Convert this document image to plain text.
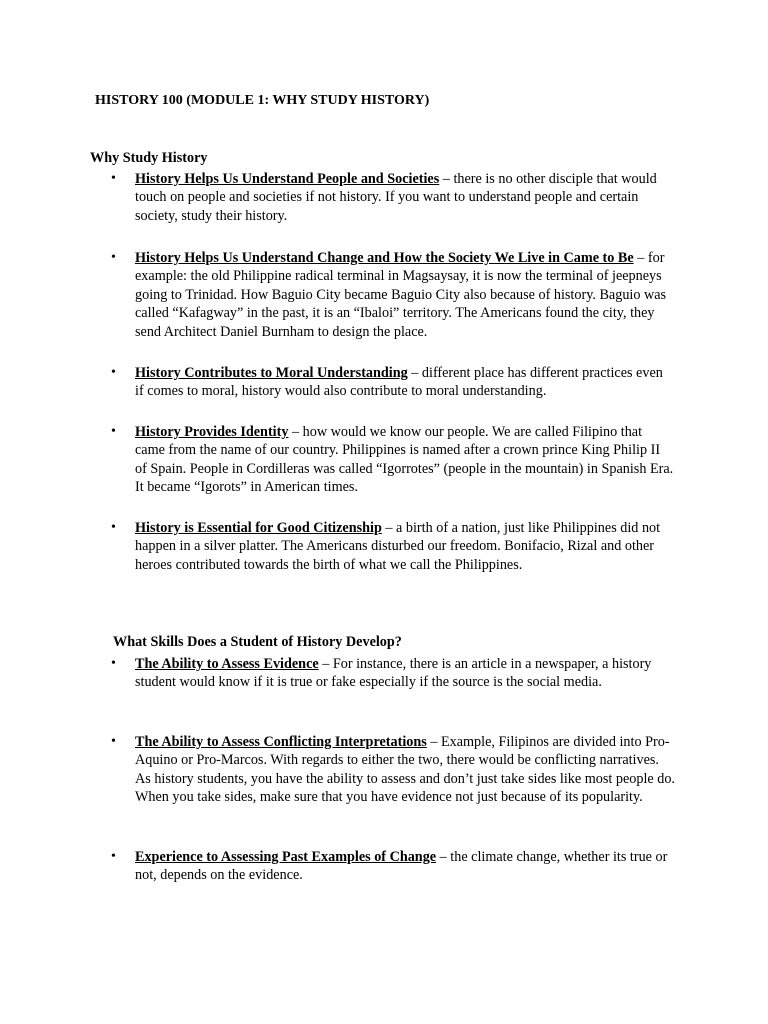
HISTORY 100 (MODULE 1: WHY STUDY HISTORY)
Why Study History
• History Helps Us Understand People and Societies – there is no other disciple that would touch on people and societies if not history. If you want to understand people and certain society, study their history.
• History Helps Us Understand Change and How the Society We Live in Came to Be – for example: the old Philippine radical terminal in Magsaysay, it is now the terminal of jeepneys going to Trinidad. How Baguio City became Baguio City also because of history. Baguio was called “Kafagway” in the past, it is an “Ibaloi” territory. The Americans found the city, they send Architect Daniel Burnham to design the place.
• History Contributes to Moral Understanding – different place has different practices even if comes to moral, history would also contribute to moral understanding.
• History Provides Identity – how would we know our people. We are called Filipino that came from the name of our country. Philippines is named after a crown prince King Philip II of Spain. People in Cordilleras was called “Igorrotes” (people in the mountain) in Spanish Era. It became “Igorots” in American times.
• History is Essential for Good Citizenship – a birth of a nation, just like Philippines did not happen in a silver platter. The Americans disturbed our freedom. Bonifacio, Rizal and other heroes contributed towards the birth of what we call the Philippines.
What Skills Does a Student of History Develop?
• The Ability to Assess Evidence – For instance, there is an article in a newspaper, a history student would know if it is true or fake especially if the source is the social media.
• The Ability to Assess Conflicting Interpretations – Example, Filipinos are divided into Pro-Aquino or Pro-Marcos. With regards to either the two, there would be conflicting narratives. As history students, you have the ability to assess and don’t just take sides like most people do. When you take sides, make sure that you have evidence not just because of its popularity.
• Experience to Assessing Past Examples of Change – the climate change, whether its true or not, depends on the evidence.
